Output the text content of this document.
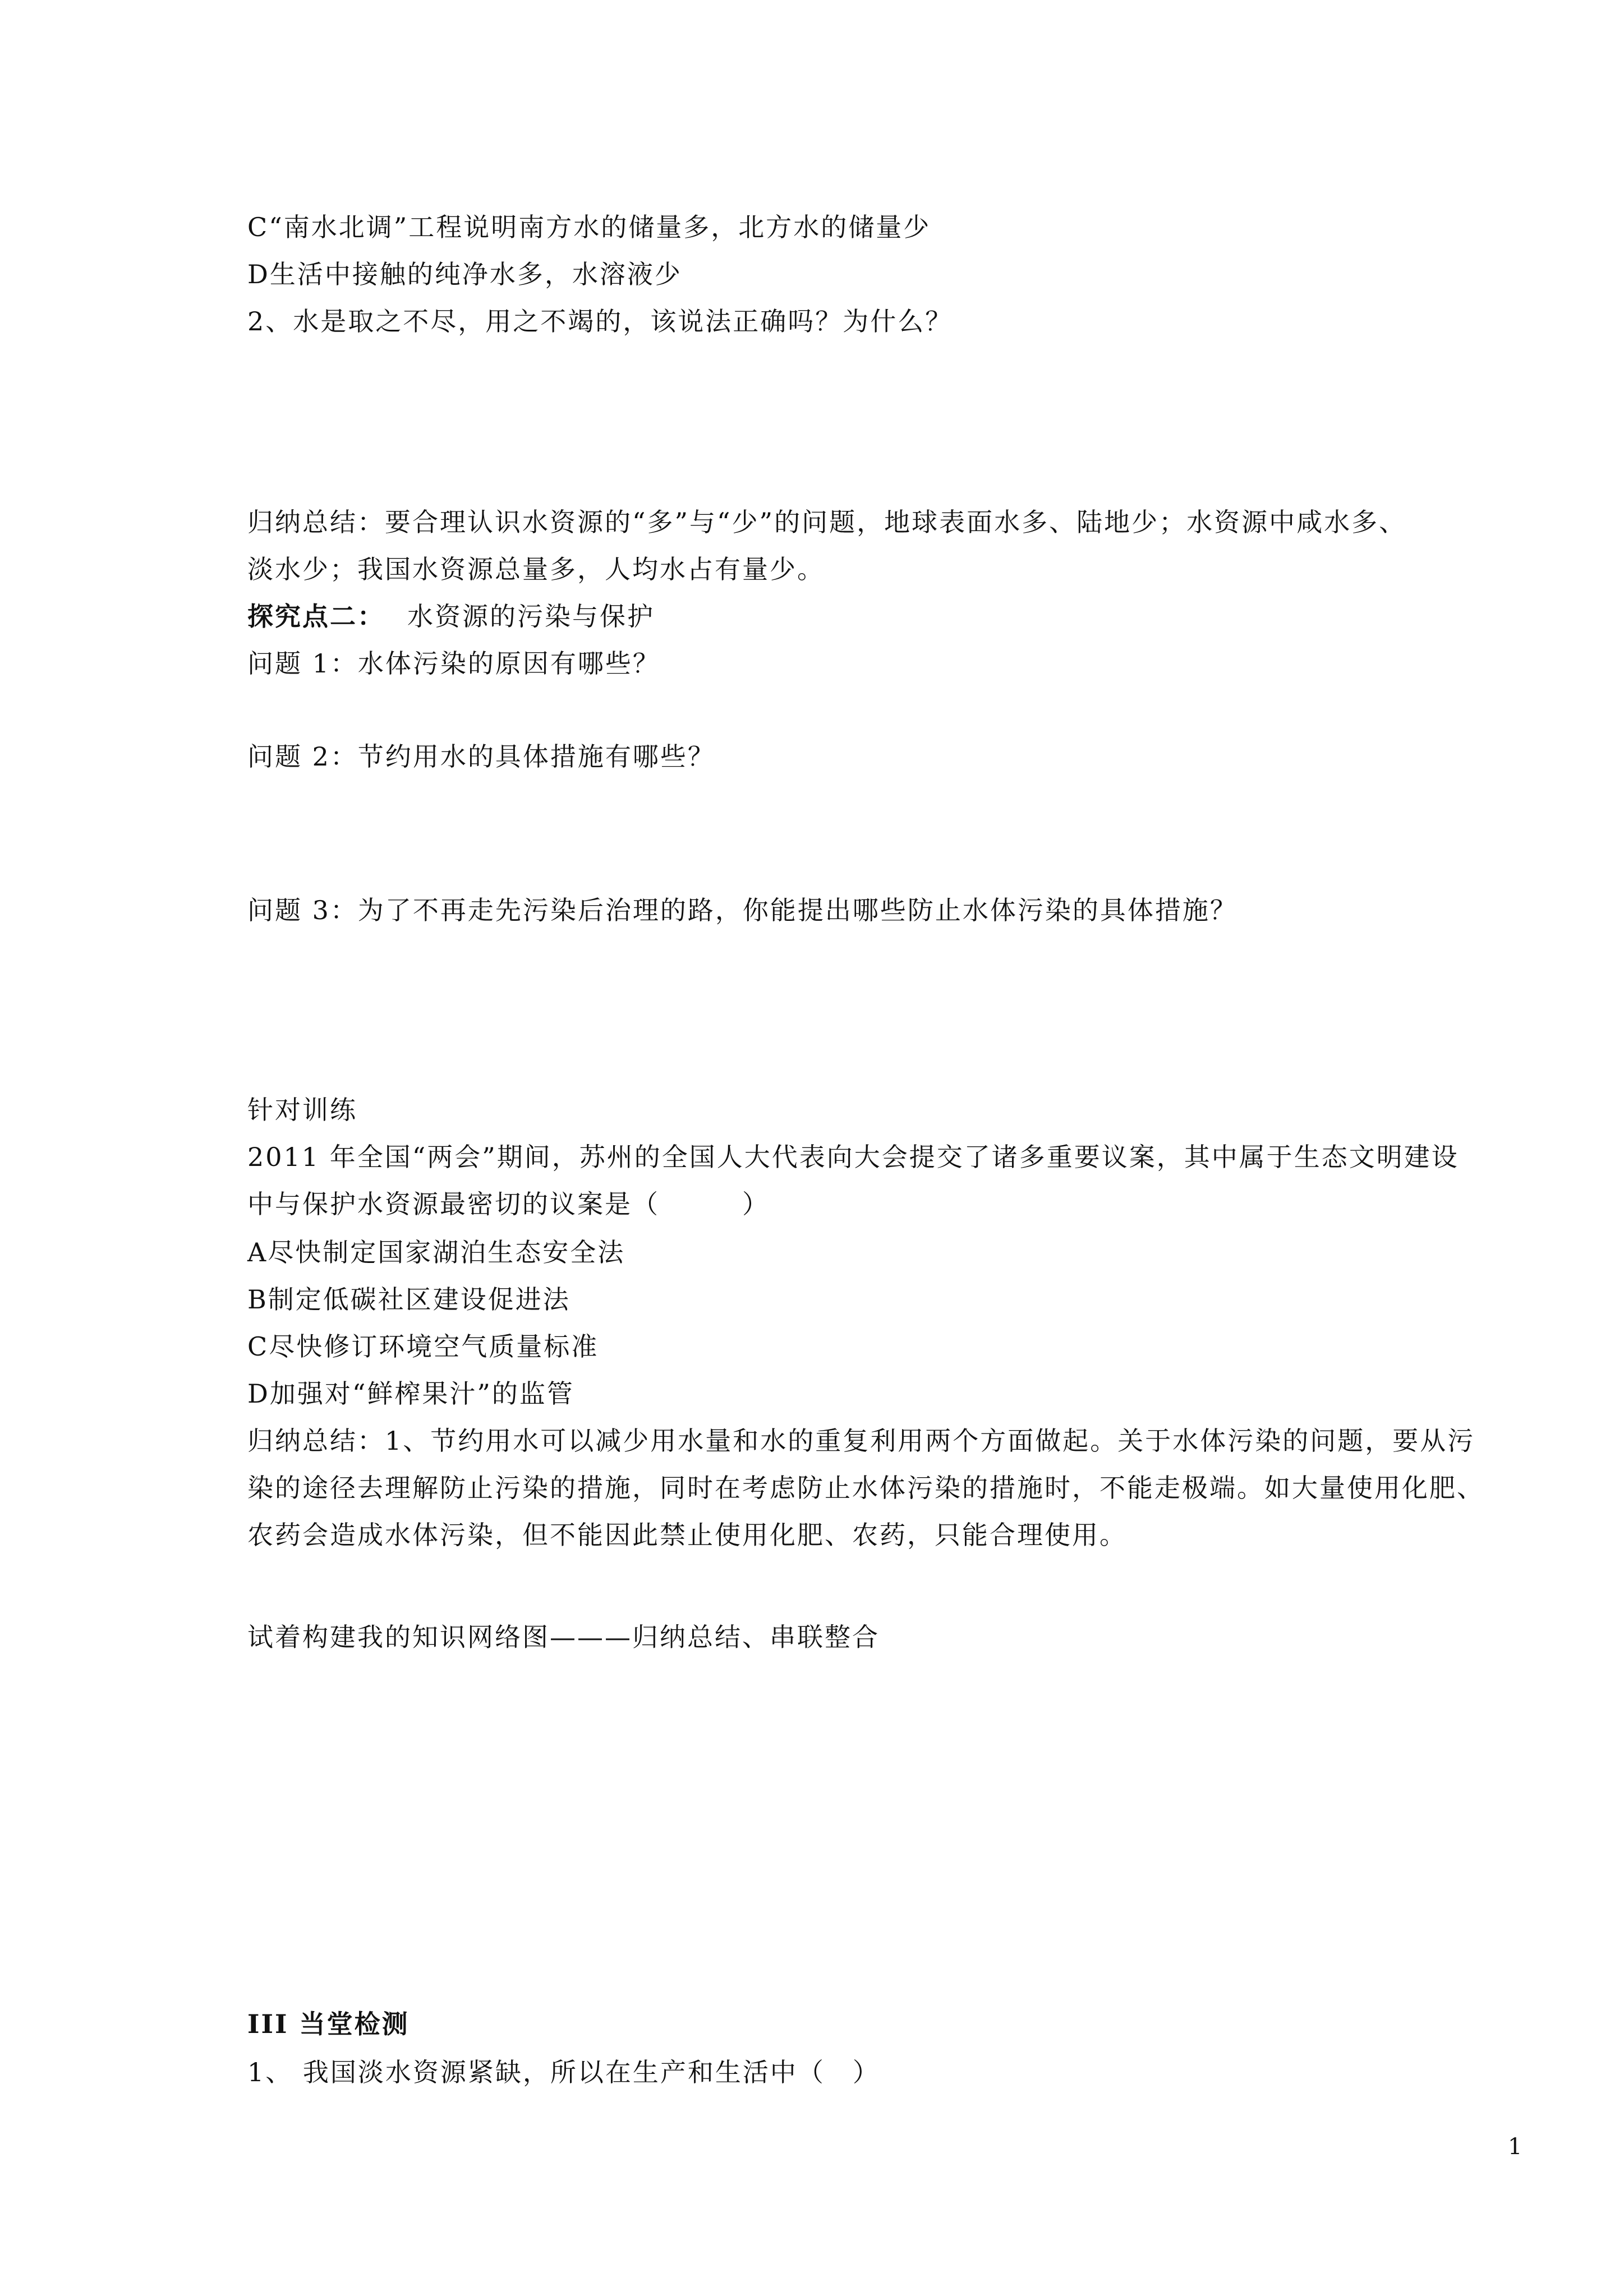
C“南水北调”工程说明南方水的储量多，北方水的储量少
D生活中接触的纯净水多，水溶液少
2、水是取之不尽，用之不竭的，该说法正确吗？为什么？
归纳总结：要合理认识水资源的“多”与“少”的问题，地球表面水多、陆地少；水资源中咸水多、
淡水少；我国水资源总量多，人均水占有量少。
探究点二： 水资源的污染与保护
问题 1：水体污染的原因有哪些？
问题 2：节约用水的具体措施有哪些？
问题 3：为了不再走先污染后治理的路，你能提出哪些防止水体污染的具体措施？
针对训练
2011 年全国“两会”期间，苏州的全国人大代表向大会提交了诸多重要议案，其中属于生态文明建设
中与保护水资源最密切的议案是（　　　）
A尽快制定国家湖泊生态安全法
B制定低碳社区建设促进法
C尽快修订环境空气质量标准
D加强对“鲜榨果汁”的监管
归纳总结：1、节约用水可以减少用水量和水的重复利用两个方面做起。关于水体污染的问题，要从污
染的途径去理解防止污染的措施，同时在考虑防止水体污染的措施时，不能走极端。如大量使用化肥、
农药会造成水体污染，但不能因此禁止使用化肥、农药，只能合理使用。
试着构建我的知识网络图———归纳总结、串联整合
III 当堂检测
1、 我国淡水资源紧缺，所以在生产和生活中（　）
1
